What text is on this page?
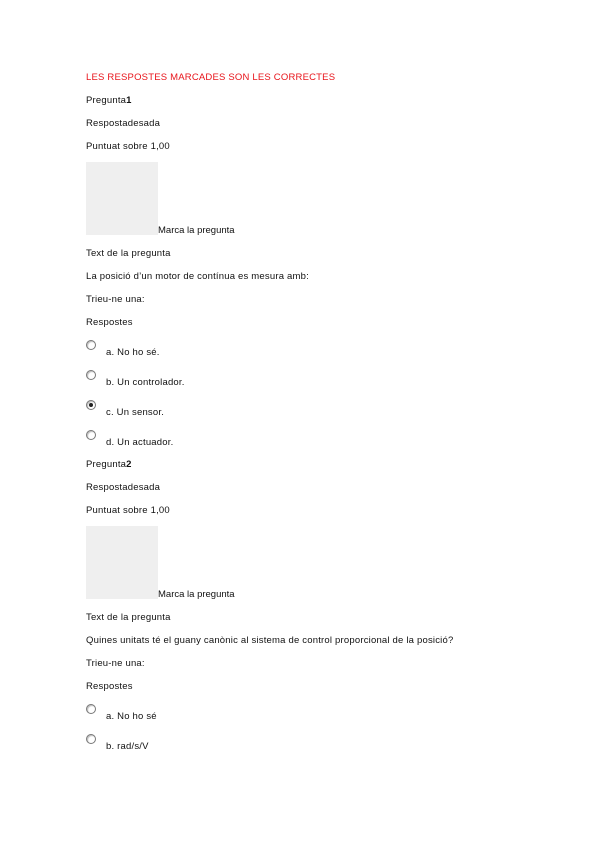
LES RESPOSTES MARCADES SON LES CORRECTES
Pregunta1
Respostadesada
Puntuat sobre 1,00
Marca la pregunta
Text de la pregunta
La posició d’un motor de contínua es mesura amb:
Trieu-ne una:
Respostes
a. No ho sé.
b. Un controlador.
c. Un sensor.
d. Un actuador.
Pregunta2
Respostadesada
Puntuat sobre 1,00
Marca la pregunta
Text de la pregunta
Quines unitats té el guany canònic al sistema de control proporcional de la posició?
Trieu-ne una:
Respostes
a. No ho sé
b. rad/s/V
